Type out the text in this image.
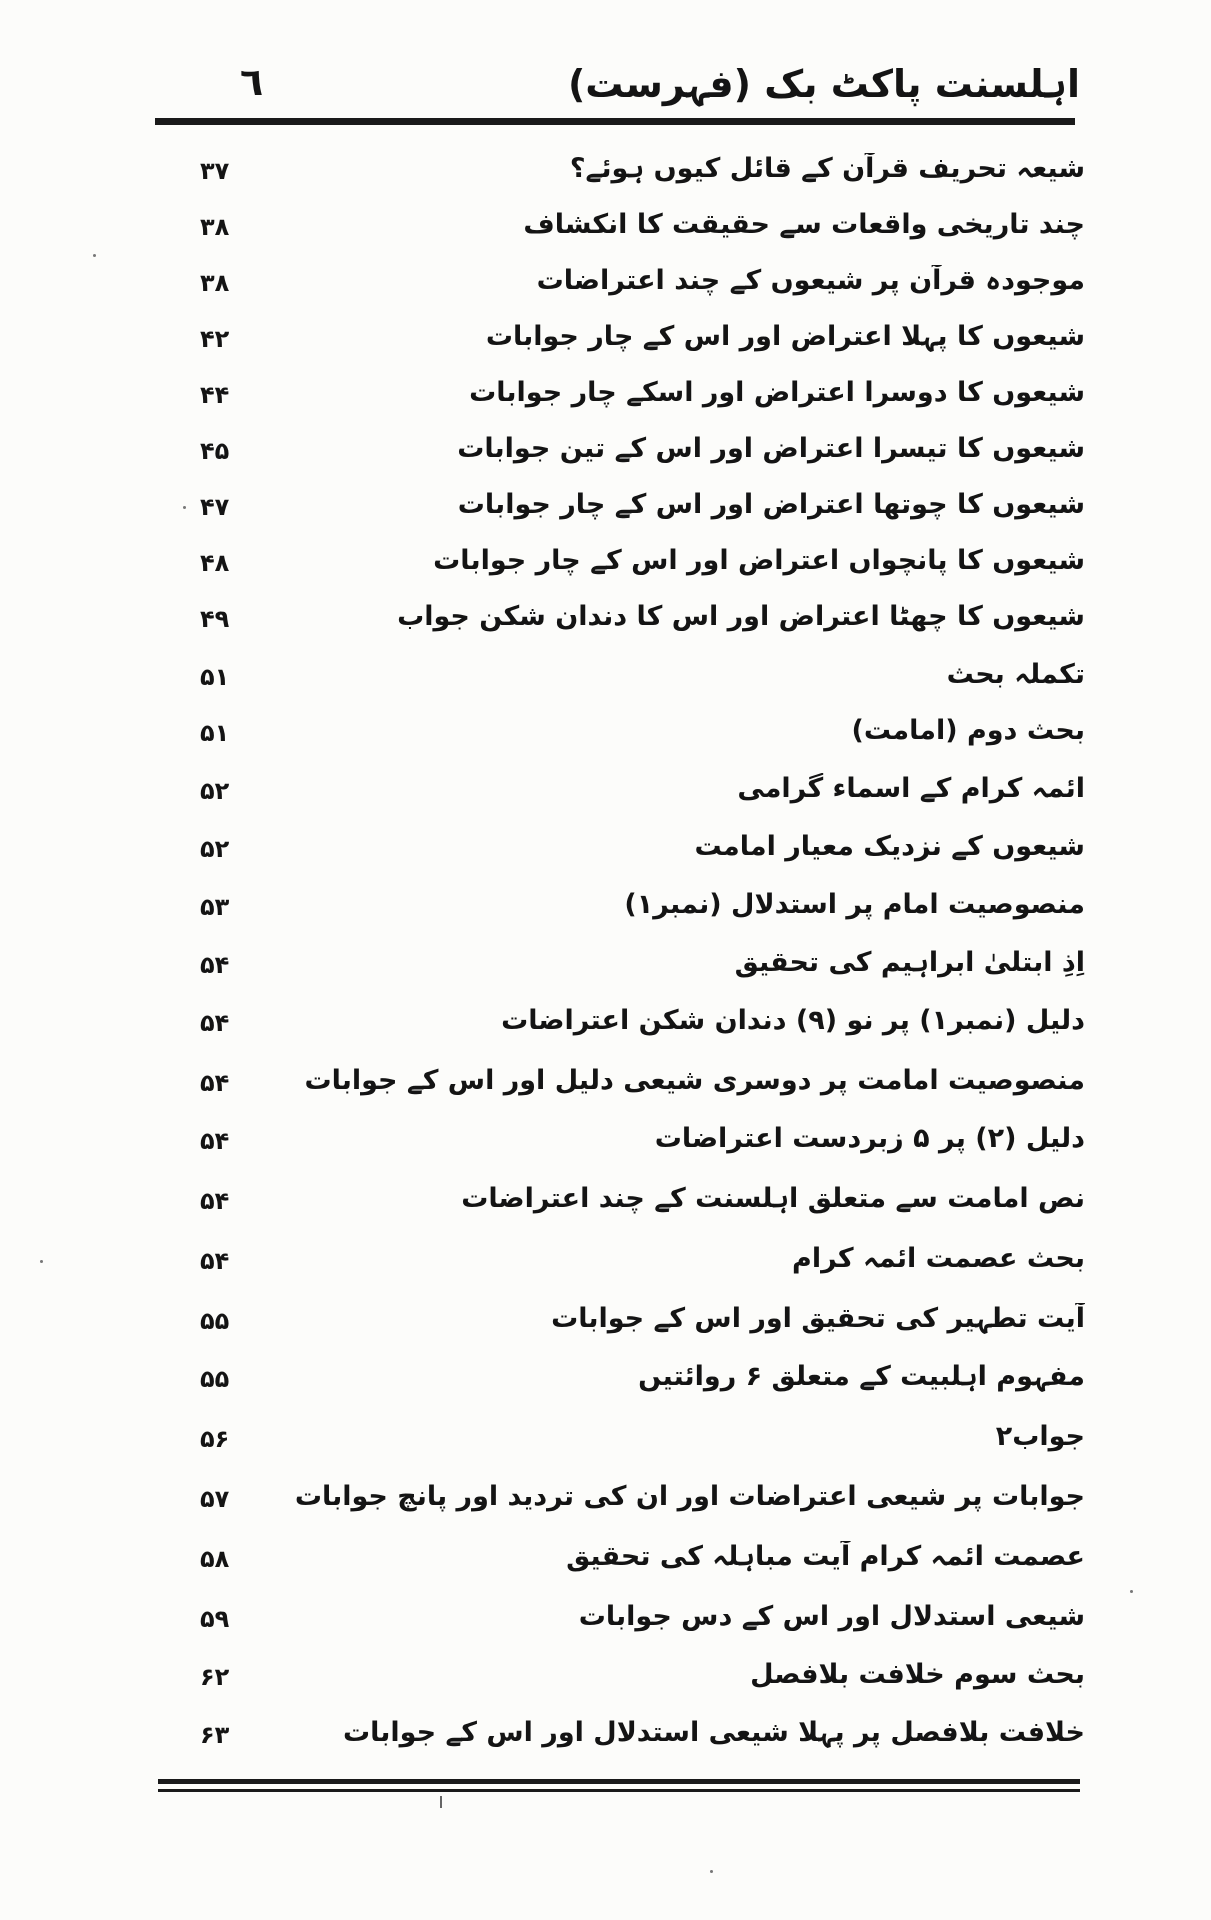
٦	اہلسنت پاکٹ بک (فہرست)
شیعہ تحریف قرآن کے قائل کیوں ہوئے؟
۳۷
چند تاریخی واقعات سے حقیقت کا انکشاف
۳۸
موجودہ قرآن پر شیعوں کے چند اعتراضات
۳۸
شیعوں کا پہلا اعتراض اور اس کے چار جوابات
۴۲
شیعوں کا دوسرا اعتراض اور اسکے چار جوابات
۴۴
شیعوں کا تیسرا اعتراض اور اس کے تین جوابات
۴۵
شیعوں کا چوتھا اعتراض اور اس کے چار جوابات
۴۷
شیعوں کا پانچواں اعتراض اور اس کے چار جوابات
۴۸
شیعوں کا چھٹا اعتراض اور اس کا دندان شکن جواب
۴۹
تکملہ بحث
۵۱
بحث دوم (امامت)
۵۱
ائمہ کرام کے اسماء گرامی
۵۲
شیعوں کے نزدیک معیار امامت
۵۲
منصوصیت امام پر استدلال (نمبر۱)
۵۳
اِذِ ابتلیٰ ابراہیم کی تحقیق
۵۴
دلیل (نمبر۱) پر نو (۹) دندان شکن اعتراضات
۵۴
منصوصیت امامت پر دوسری شیعی دلیل اور اس کے جوابات
۵۴
دلیل (۲) پر ۵ زبردست اعتراضات
۵۴
نصِ امامت سے متعلق اہلسنت کے چند اعتراضات
۵۴
بحث عصمت ائمہ کرام
۵۴
آیت تطہیر کی تحقیق اور اس کے جوابات
۵۵
مفہوم اہلبیت کے متعلق ۶ روائتیں
۵۵
جواب۲
۵۶
جوابات پر شیعی اعتراضات اور ان کی تردید اور پانچ جوابات
۵۷
عصمت ائمہ کرام آیت مباہلہ کی تحقیق
۵۸
شیعی استدلال اور اس کے دس جوابات
۵۹
بحث سوم خلافت بلافصل
۶۲
خلافت بلافصل پر پہلا شیعی استدلال اور اس کے جوابات
۶۳
